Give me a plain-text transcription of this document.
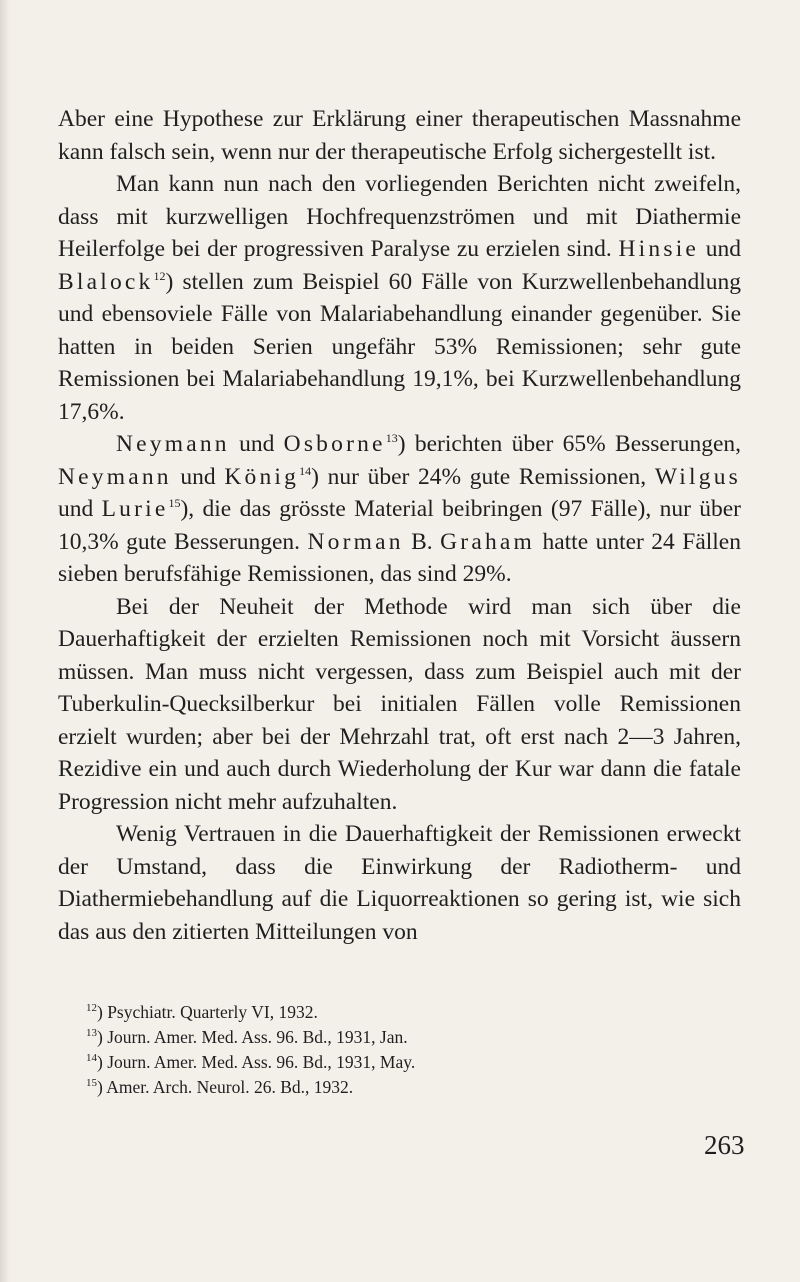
Aber eine Hypothese zur Erklärung einer therapeutischen Massnahme kann falsch sein, wenn nur der therapeutische Erfolg sichergestellt ist.

Man kann nun nach den vorliegenden Berichten nicht zweifeln, dass mit kurzwelligen Hochfrequenzströmen und mit Diathermie Heilerfolge bei der progressiven Paralyse zu erzielen sind. Hinsie und Blalock$^{12}$) stellen zum Beispiel 60 Fälle von Kurzwellenbehandlung und ebensoviele Fälle von Malariabehandlung einander gegenüber. Sie hatten in beiden Serien ungefähr 53% Remissionen; sehr gute Remissionen bei Malariabehandlung 19,1%, bei Kurzwellenbehandlung 17,6%.

Neymann und Osborne$^{13}$) berichten über 65% Besserungen, Neymann und König$^{14}$) nur über 24% gute Remissionen, Wilgus und Lurie$^{15}$), die das grösste Material beibringen (97 Fälle), nur über 10,3% gute Besserungen. Norman B. Graham hatte unter 24 Fällen sieben berufsfähige Remissionen, das sind 29%.

Bei der Neuheit der Methode wird man sich über die Dauerhaftigkeit der erzielten Remissionen noch mit Vorsicht äussern müssen. Man muss nicht vergessen, dass zum Beispiel auch mit der Tuberkulin-Quecksilberkur bei initialen Fällen volle Remissionen erzielt wurden; aber bei der Mehrzahl trat, oft erst nach 2—3 Jahren, Rezidive ein und auch durch Wiederholung der Kur war dann die fatale Progression nicht mehr aufzuhalten.

Wenig Vertrauen in die Dauerhaftigkeit der Remissionen erweckt der Umstand, dass die Einwirkung der Radiotherm- und Diathermiebehandlung auf die Liquorreaktionen so gering ist, wie sich das aus den zitierten Mitteilungen von

$^{12}$) Psychiatr. Quarterly VI, 1932.
$^{13}$) Journ. Amer. Med. Ass. 96. Bd., 1931, Jan.
$^{14}$) Journ. Amer. Med. Ass. 96. Bd., 1931, May.
$^{15}$) Amer. Arch. Neurol. 26. Bd., 1932.
263
